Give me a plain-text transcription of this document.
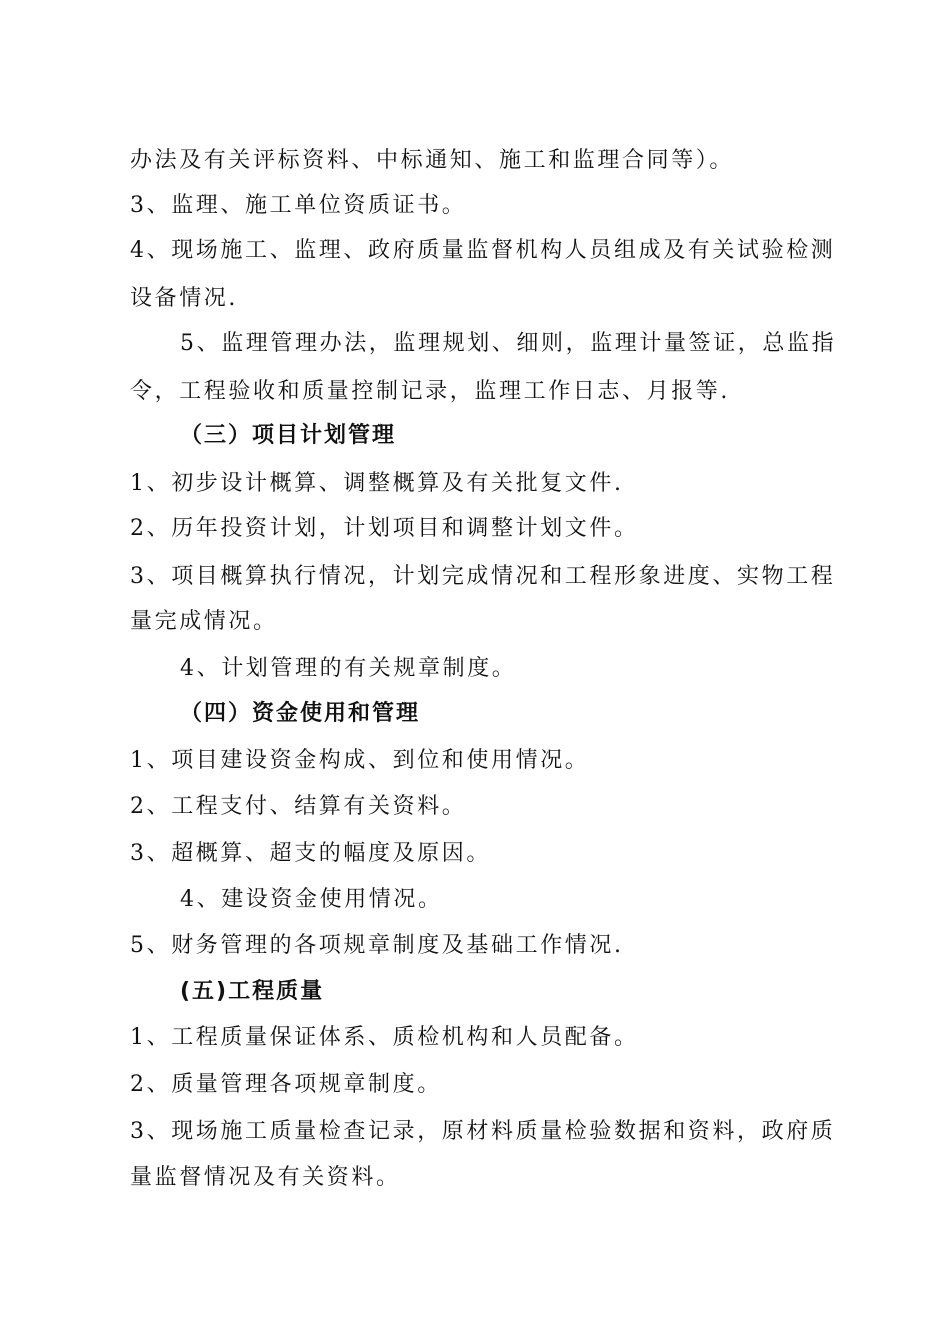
办法及有关评标资料、中标通知、施工和监理合同等）。
3、监理、施工单位资质证书。
4、现场施工、监理、政府质量监督机构人员组成及有关试验检测
设备情况.
5、监理管理办法，监理规划、细则，监理计量签证，总监指
令，工程验收和质量控制记录，监理工作日志、月报等.
（三）项目计划管理
1、初步设计概算、调整概算及有关批复文件.
2、历年投资计划，计划项目和调整计划文件。
3、项目概算执行情况，计划完成情况和工程形象进度、实物工程
量完成情况。
4、计划管理的有关规章制度。
（四）资金使用和管理
1、项目建设资金构成、到位和使用情况。
2、工程支付、结算有关资料。
3、超概算、超支的幅度及原因。
4、建设资金使用情况。
5、财务管理的各项规章制度及基础工作情况.
(五)工程质量
1、工程质量保证体系、质检机构和人员配备。
2、质量管理各项规章制度。
3、现场施工质量检查记录，原材料质量检验数据和资料，政府质
量监督情况及有关资料。
